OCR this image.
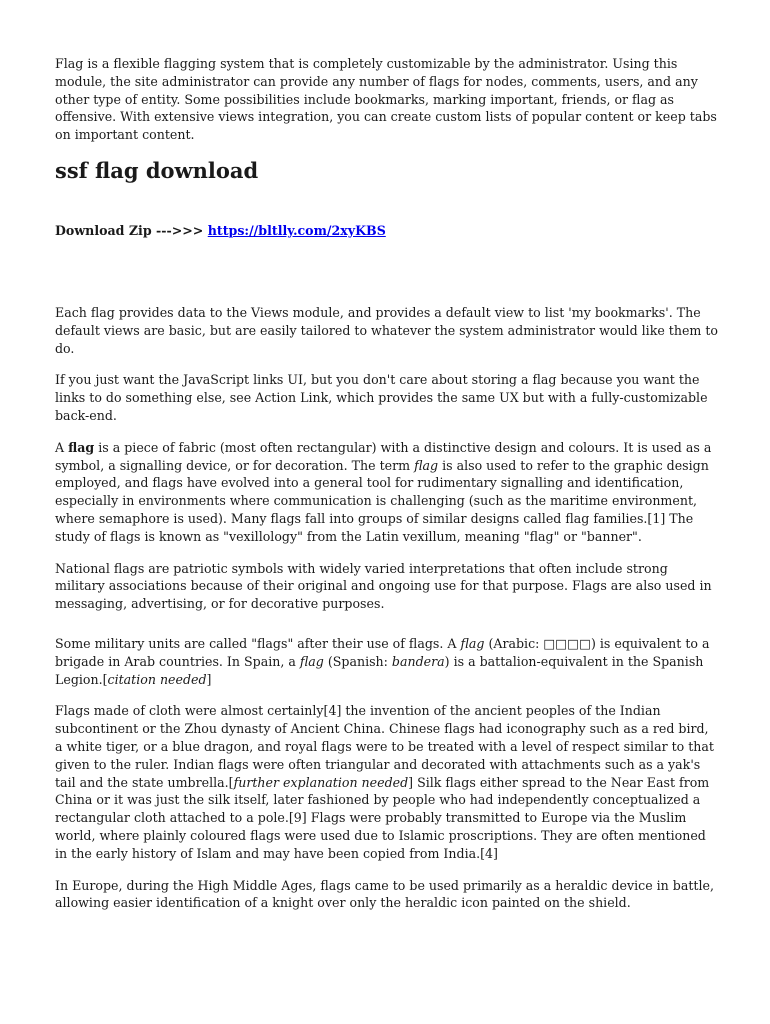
Flag is a flexible flagging system that is completely customizable by the administrator. Using this module, the site administrator can provide any number of flags for nodes, comments, users, and any other type of entity. Some possibilities include bookmarks, marking important, friends, or flag as offensive. With extensive views integration, you can create custom lists of popular content or keep tabs on important content.

ssf flag download
Download Zip --->>> https://bltlly.com/2xyKBS

Each flag provides data to the Views module, and provides a default view to list 'my bookmarks'. The default views are basic, but are easily tailored to whatever the system administrator would like them to do.

If you just want the JavaScript links UI, but you don't care about storing a flag because you want the links to do something else, see Action Link, which provides the same UX but with a fully-customizable back-end.

A flag is a piece of fabric (most often rectangular) with a distinctive design and colours. It is used as a symbol, a signalling device, or for decoration. The term flag is also used to refer to the graphic design employed, and flags have evolved into a general tool for rudimentary signalling and identification, especially in environments where communication is challenging (such as the maritime environment, where semaphore is used). Many flags fall into groups of similar designs called flag families.[1] The study of flags is known as "vexillology" from the Latin vexillum, meaning "flag" or "banner".

National flags are patriotic symbols with widely varied interpretations that often include strong military associations because of their original and ongoing use for that purpose. Flags are also used in messaging, advertising, or for decorative purposes.

Some military units are called "flags" after their use of flags. A flag (Arabic: □□□□) is equivalent to a brigade in Arab countries. In Spain, a flag (Spanish: bandera) is a battalion-equivalent in the Spanish Legion.[citation needed]

Flags made of cloth were almost certainly[4] the invention of the ancient peoples of the Indian subcontinent or the Zhou dynasty of Ancient China. Chinese flags had iconography such as a red bird, a white tiger, or a blue dragon, and royal flags were to be treated with a level of respect similar to that given to the ruler. Indian flags were often triangular and decorated with attachments such as a yak's tail and the state umbrella.[further explanation needed] Silk flags either spread to the Near East from China or it was just the silk itself, later fashioned by people who had independently conceptualized a rectangular cloth attached to a pole.[9] Flags were probably transmitted to Europe via the Muslim world, where plainly coloured flags were used due to Islamic proscriptions. They are often mentioned in the early history of Islam and may have been copied from India.[4]

In Europe, during the High Middle Ages, flags came to be used primarily as a heraldic device in battle, allowing easier identification of a knight over only the heraldic icon painted on the shield.
